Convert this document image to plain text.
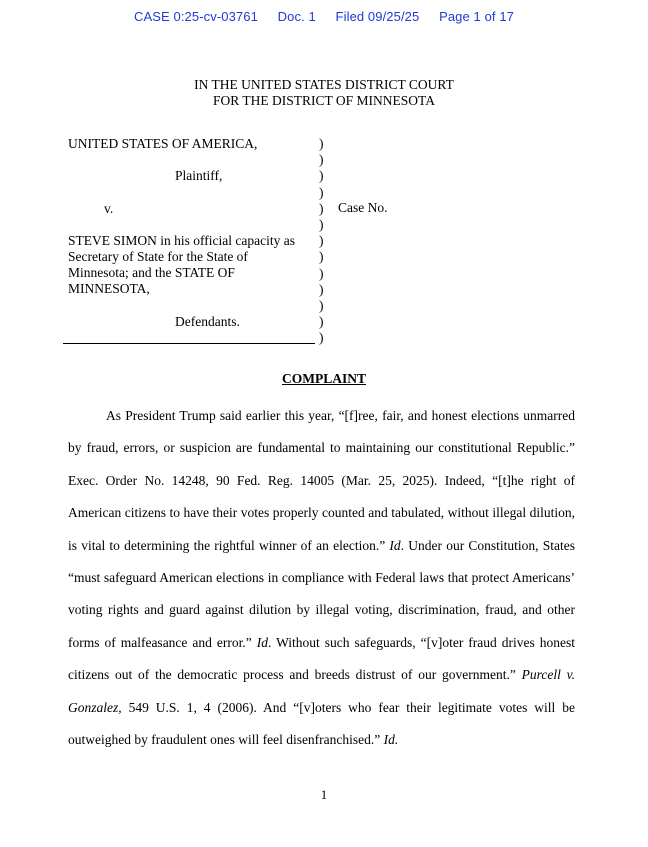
CASE 0:25-cv-03761 Doc. 1 Filed 09/25/25 Page 1 of 17
IN THE UNITED STATES DISTRICT COURT
FOR THE DISTRICT OF MINNESOTA
UNITED STATES OF AMERICA,
Plaintiff,
v.
STEVE SIMON in his official capacity as
Secretary of State for the State of
Minnesota; and the STATE OF
MINNESOTA,
Defendants.
)
)
)
)
)
)
)
)
)
)
)
)
)
Case No.
COMPLAINT
As President Trump said earlier this year, “[f]ree, fair, and honest elections unmarred by fraud, errors, or suspicion are fundamental to maintaining our constitutional Republic.” Exec. Order No. 14248, 90 Fed. Reg. 14005 (Mar. 25, 2025). Indeed, “[t]he right of American citizens to have their votes properly counted and tabulated, without illegal dilution, is vital to determining the rightful winner of an election.” Id. Under our Constitution, States “must safeguard American elections in compliance with Federal laws that protect Americans’ voting rights and guard against dilution by illegal voting, discrimination, fraud, and other forms of malfeasance and error.” Id. Without such safeguards, “[v]oter fraud drives honest citizens out of the democratic process and breeds distrust of our government.” Purcell v. Gonzalez, 549 U.S. 1, 4 (2006). And “[v]oters who fear their legitimate votes will be outweighed by fraudulent ones will feel disenfranchised.” Id.
1
